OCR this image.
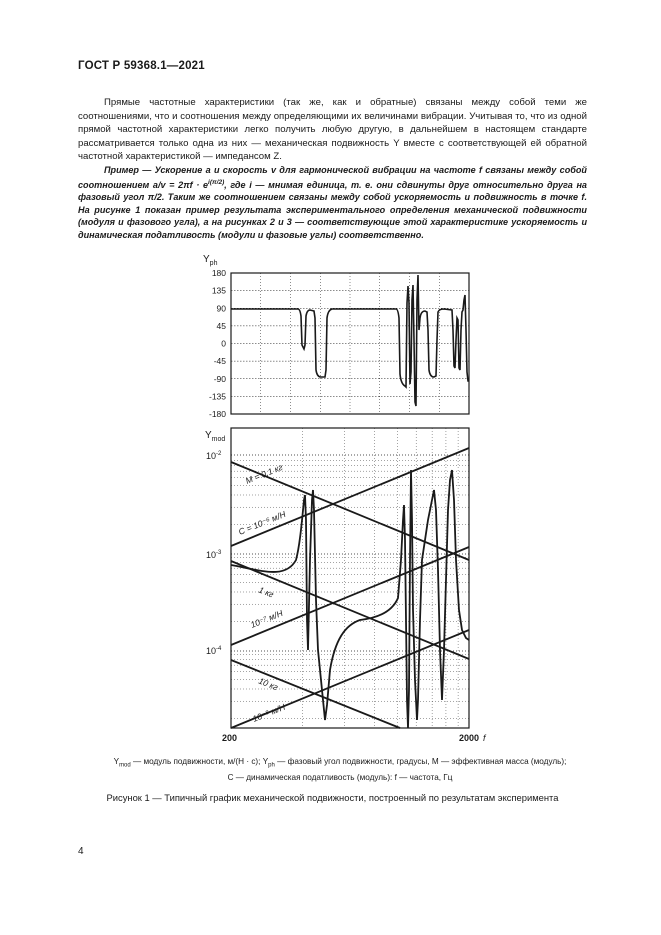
ГОСТ Р 59368.1—2021
Прямые частотные характеристики (так же, как и обратные) связаны между собой теми же соотношениями, что и соотношения между определяющими их величинами вибрации. Учитывая то, что из одной прямой частотной характеристики легко получить любую другую, в дальнейшем в настоящем стандарте рассматривается только одна из них — механическая подвижность Y вместе с соответствующей ей обратной частотной характеристикой — импедансом Z.
Пример — Ускорение a и скорость v для гармонической вибрации на частоте f связаны между собой соотношением $a/v = 2\pi f \cdot e^{i(\pi/2)}$, где i — мнимая единица, т. е. они сдвинуты друг относительно друга на фазовый угол π/2. Таким же соотношением связаны между собой ускоряемость и подвижность в точке f. На рисунке 1 показан пример результата экспериментального определения механической подвижности (модуля и фазового угла), а на рисунках 2 и 3 — соответствующие этой характеристике ускоряемость и динамическая податливость (модули и фазовые углы) соответственно.
$Y_{ph}$
180
135
90
45
0
-45
-90
-135
-180
$Y_{mod}$
$10^{-2}$
$10^{-3}$
$10^{-4}$
200	2000 f
M = 0,1 кг
C = 10⁻⁶ м/Н
1 кг
10⁻⁷ м/Н
10 кг
10⁻⁸ м/Н
$Y_{mod}$ — модуль подвижности, м/(Н · с); $Y_{ph}$ — фазовый угол подвижности, градусы, M — эффективная масса (модуль);
C — динамическая податливость (модуль): f — частота, Гц
Рисунок 1 — Типичный график механической подвижности, построенный по результатам эксперимента
4
